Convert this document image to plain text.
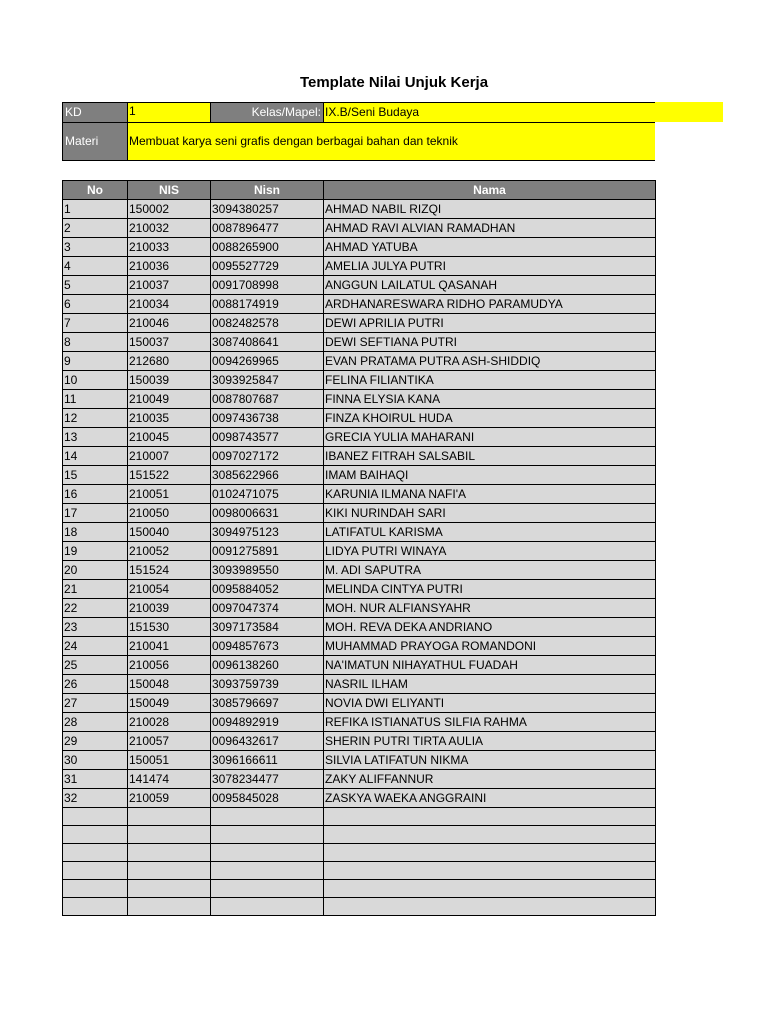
Template Nilai Unjuk Kerja
KD	1	Kelas/Mapel: IX.B/Seni Budaya
Materi	Membuat karya seni grafis dengan berbagai bahan dan teknik
No	NIS	Nisn	Nama
1	150002	3094380257	AHMAD NABIL RIZQI
2	210032	0087896477	AHMAD RAVI ALVIAN RAMADHAN
3	210033	0088265900	AHMAD YATUBA
4	210036	0095527729	AMELIA JULYA PUTRI
5	210037	0091708998	ANGGUN LAILATUL QASANAH
6	210034	0088174919	ARDHANARESWARA RIDHO PARAMUDYA
7	210046	0082482578	DEWI APRILIA PUTRI
8	150037	3087408641	DEWI SEFTIANA PUTRI
9	212680	0094269965	EVAN PRATAMA PUTRA ASH-SHIDDIQ
10	150039	3093925847	FELINA FILIANTIKA
11	210049	0087807687	FINNA ELYSIA KANA
12	210035	0097436738	FINZA KHOIRUL HUDA
13	210045	0098743577	GRECIA YULIA MAHARANI
14	210007	0097027172	IBANEZ FITRAH SALSABIL
15	151522	3085622966	IMAM BAIHAQI
16	210051	0102471075	KARUNIA ILMANA NAFI'A
17	210050	0098006631	KIKI NURINDAH SARI
18	150040	3094975123	LATIFATUL KARISMA
19	210052	0091275891	LIDYA PUTRI WINAYA
20	151524	3093989550	M. ADI SAPUTRA
21	210054	0095884052	MELINDA CINTYA PUTRI
22	210039	0097047374	MOH. NUR ALFIANSYAHR
23	151530	3097173584	MOH. REVA DEKA ANDRIANO
24	210041	0094857673	MUHAMMAD PRAYOGA ROMANDONI
25	210056	0096138260	NA'IMATUN NIHAYATHUL FUADAH
26	150048	3093759739	NASRIL ILHAM
27	150049	3085796697	NOVIA DWI ELIYANTI
28	210028	0094892919	REFIKA ISTIANATUS SILFIA RAHMA
29	210057	0096432617	SHERIN PUTRI TIRTA AULIA
30	150051	3096166611	SILVIA LATIFATUN NIKMA
31	141474	3078234477	ZAKY ALIFFANNUR
32	210059	0095845028	ZASKYA WAEKA ANGGRAINI
